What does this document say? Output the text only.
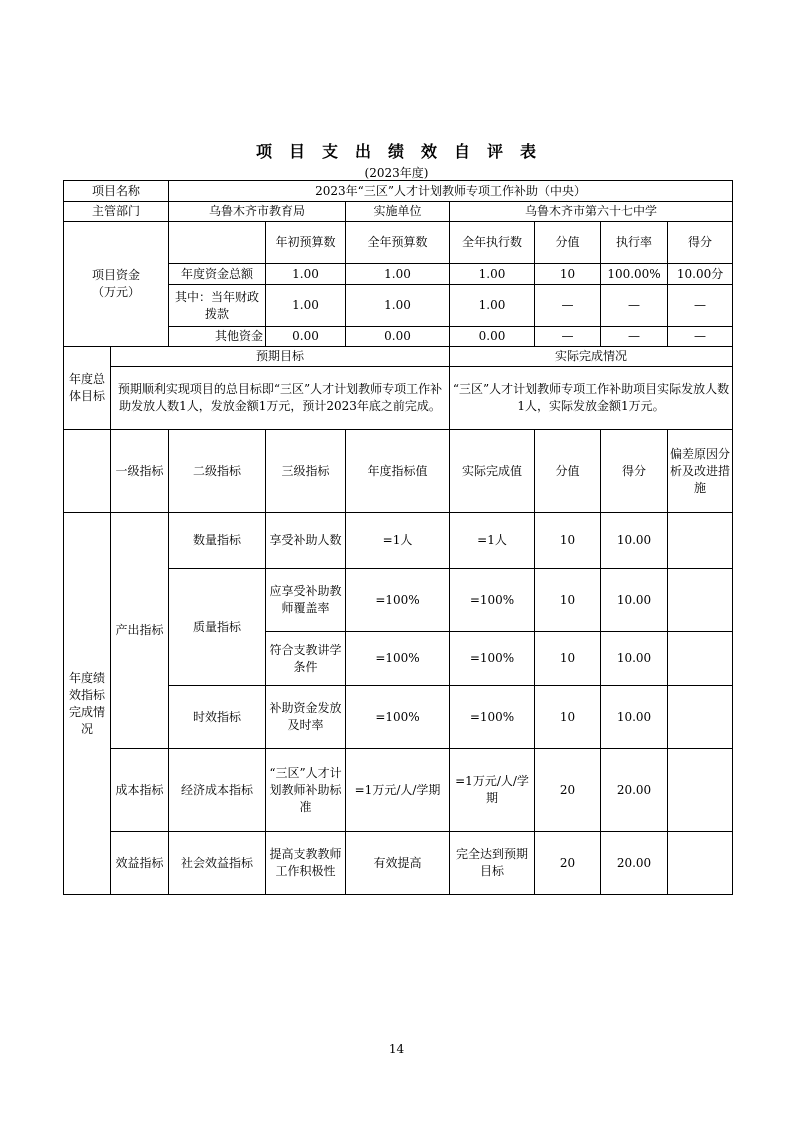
项目支出绩效自评表
(2023年度)
项目名称		2023年“三区”人才计划教师专项工作补助（中央）						
主管部门		乌鲁木齐市教育局		实施单位	乌鲁木齐市第六十七中学			
项目资金
（万元）			年初预算数	全年预算数	全年执行数	分值	执行率	得分
		年度资金总额	1.00	1.00	1.00	10	100.00%	10.00分
		其中：当年财政拨款	1.00	1.00	1.00	—	—	—
		其他资金	0.00	0.00	0.00	—	—	—
年度总体目标	预期目标				实际完成情况			
	预期顺利实现项目的总目标即“三区”人才计划教师专项工作补助发放人数1人，发放金额1万元，预计2023年底之前完成。				“三区”人才计划教师专项工作补助项目实际发放人数1人，实际发放金额1万元。			
	一级指标	二级指标	三级指标	年度指标值	实际完成值	分值	得分	偏差原因分析及改进措施
年度绩效指标完成情况	产出指标	数量指标	享受补助人数	=1人	=1人	10	10.00	
		质量指标	应享受补助教师覆盖率	=100%	=100%	10	10.00	
			符合支教讲学条件	=100%	=100%	10	10.00	
		时效指标	补助资金发放及时率	=100%	=100%	10	10.00	
	成本指标	经济成本指标	“三区”人才计划教师补助标准	=1万元/人/学期	=1万元/人/学期	20	20.00	
	效益指标	社会效益指标	提高支教教师工作积极性	有效提高	完全达到预期目标	20	20.00	
14
